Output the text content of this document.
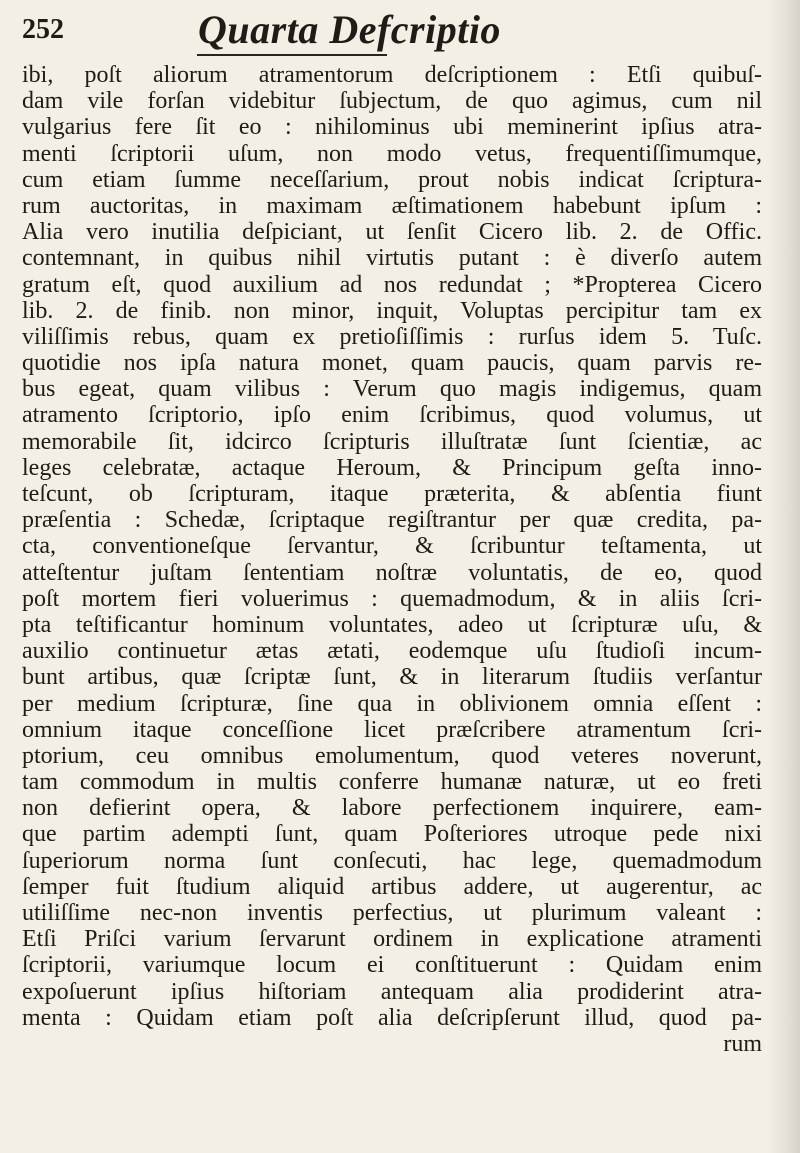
252	Quarta Defcriptio
ibi, poſt aliorum atramentorum deſcriptionem : Etſi quibuſ-
dam vile forſan videbitur ſubjectum, de quo agimus, cum nil
vulgarius fere ſit eo : nihilominus ubi meminerint ipſius atra-
menti ſcriptorii uſum, non modo vetus, frequentiſſimumque,
cum etiam ſumme neceſſarium, prout nobis indicat ſcriptura-
rum auctoritas, in maximam æſtimationem habebunt ipſum :
Alia vero inutilia deſpiciant, ut ſenſit Cicero lib. 2. de Offic.
contemnant, in quibus nihil virtutis putant : è diverſo autem
gratum eſt, quod auxilium ad nos redundat ; *Propterea Cicero
lib. 2. de finib. non minor, inquit, Voluptas percipitur tam ex
viliſſimis rebus, quam ex pretioſiſſimis : rurſus idem 5. Tuſc.
quotidie nos ipſa natura monet, quam paucis, quam parvis re-
bus egeat, quam vilibus : Verum quo magis indigemus, quam
atramento ſcriptorio, ipſo enim ſcribimus, quod volumus, ut
memorabile ſit, idcirco ſcripturis illuſtratæ ſunt ſcientiæ, ac
leges celebratæ, actaque Heroum, & Principum geſta inno-
teſcunt, ob ſcripturam, itaque præterita, & abſentia fiunt
præſentia : Schedæ, ſcriptaque regiſtrantur per quæ credita, pa-
cta, conventioneſque ſervantur, & ſcribuntur teſtamenta, ut
atteſtentur juſtam ſententiam noſtræ voluntatis, de eo, quod
poſt mortem fieri voluerimus : quemadmodum, & in aliis ſcri-
pta teſtificantur hominum voluntates, adeo ut ſcripturæ uſu, &
auxilio continuetur ætas ætati, eodemque uſu ſtudioſi incum-
bunt artibus, quæ ſcriptæ ſunt, & in literarum ſtudiis verſantur
per medium ſcripturæ, ſine qua in oblivionem omnia eſſent :
omnium itaque conceſſione licet præſcribere atramentum ſcri-
ptorium, ceu omnibus emolumentum, quod veteres noverunt,
tam commodum in multis conferre humanæ naturæ, ut eo freti
non defierint opera, & labore perfectionem inquirere, eam-
que partim adempti ſunt, quam Poſteriores utroque pede nixi
ſuperiorum norma ſunt conſecuti, hac lege, quemadmodum
ſemper fuit ſtudium aliquid artibus addere, ut augerentur, ac
utiliſſime nec-non inventis perfectius, ut plurimum valeant :
Etſi Priſci varium ſervarunt ordinem in explicatione atramenti
ſcriptorii, variumque locum ei conſtituerunt : Quidam enim
expoſuerunt ipſius hiſtoriam antequam alia prodiderint atra-
menta : Quidam etiam poſt alia deſcripſerunt illud, quod pa-
rum
